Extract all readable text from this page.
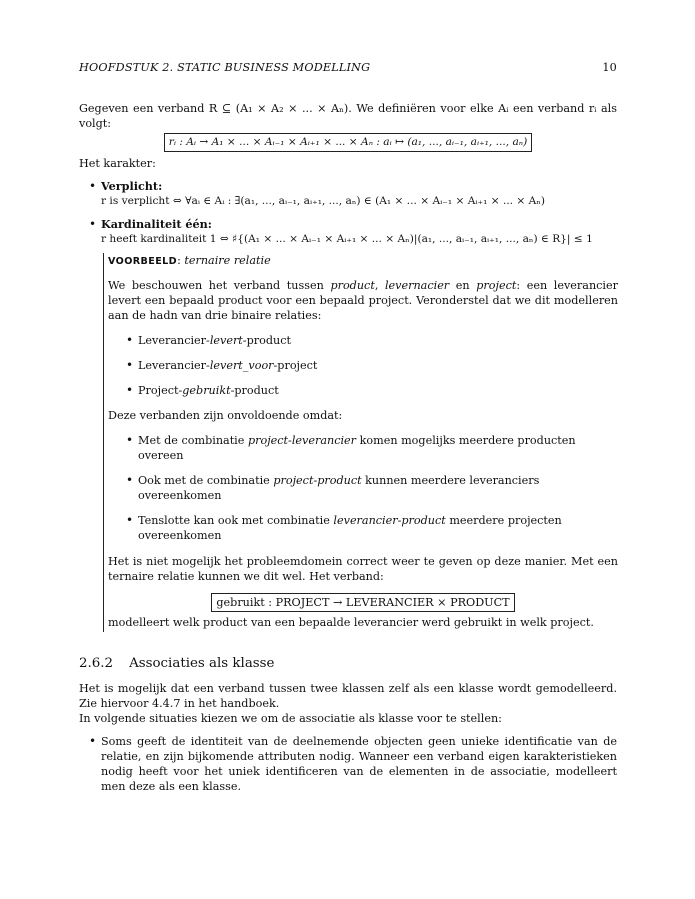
HOOFDSTUK 2. STATIC BUSINESS MODELLING	10

Gegeven een verband R ⊆ (A₁ × A₂ × ... × Aₙ). We definiëren voor elke Aᵢ een verband rᵢ als volgt:

rᵢ : Aᵢ → A₁ × ... × Aᵢ₋₁ × Aᵢ₊₁ × ... × Aₙ : aᵢ ↦ (a₁, ..., aᵢ₋₁, aᵢ₊₁, ..., aₙ)

Het karakter:

• Verplicht:
r is verplicht ⇔ ∀aᵢ ∈ Aᵢ : ∃(a₁, ..., aᵢ₋₁, aᵢ₊₁, ..., aₙ) ∈ (A₁ × ... × Aᵢ₋₁ × Aᵢ₊₁ × ... × Aₙ)
• Kardinaliteit één:
r heeft kardinaliteit 1 ⇔ ♯{(A₁ × ... × Aᵢ₋₁ × Aᵢ₊₁ × ... × Aₙ)|(a₁, ..., aᵢ₋₁, aᵢ₊₁, ..., aₙ) ∈ R}| ≤ 1

VOORBEELD: ternaire relatie

We beschouwen het verband tussen product, levernacier en project: een leverancier levert een bepaald product voor een bepaald project. Veronderstel dat we dit modelleren aan de hadn van drie binaire relaties:

• Leverancier-levert-product
• Leverancier-levert_voor-project
• Project-gebruikt-product

Deze verbanden zijn onvoldoende omdat:

• Met de combinatie project-leverancier komen mogelijks meerdere producten overeen
• Ook met de combinatie project-product kunnen meerdere leveranciers overeenkomen
• Tenslotte kan ook met combinatie leverancier-product meerdere projecten overeenkomen

Het is niet mogelijk het probleemdomein correct weer te geven op deze manier. Met een ternaire relatie kunnen we dit wel. Het verband:

gebruikt : PROJECT → LEVERANCIER × PRODUCT

modelleert welk product van een bepaalde leverancier werd gebruikt in welk project.

2.6.2 Associaties als klasse

Het is mogelijk dat een verband tussen twee klassen zelf als een klasse wordt gemodelleerd. Zie hiervoor 4.4.7 in het handboek.

In volgende situaties kiezen we om de associatie als klasse voor te stellen:

• Soms geeft de identiteit van de deelnemende objecten geen unieke identificatie van de relatie, en zijn bijkomende attributen nodig. Wanneer een verband eigen karakteristieken nodig heeft voor het uniek identificeren van de elementen in de associatie, modelleert men deze als een klasse.
